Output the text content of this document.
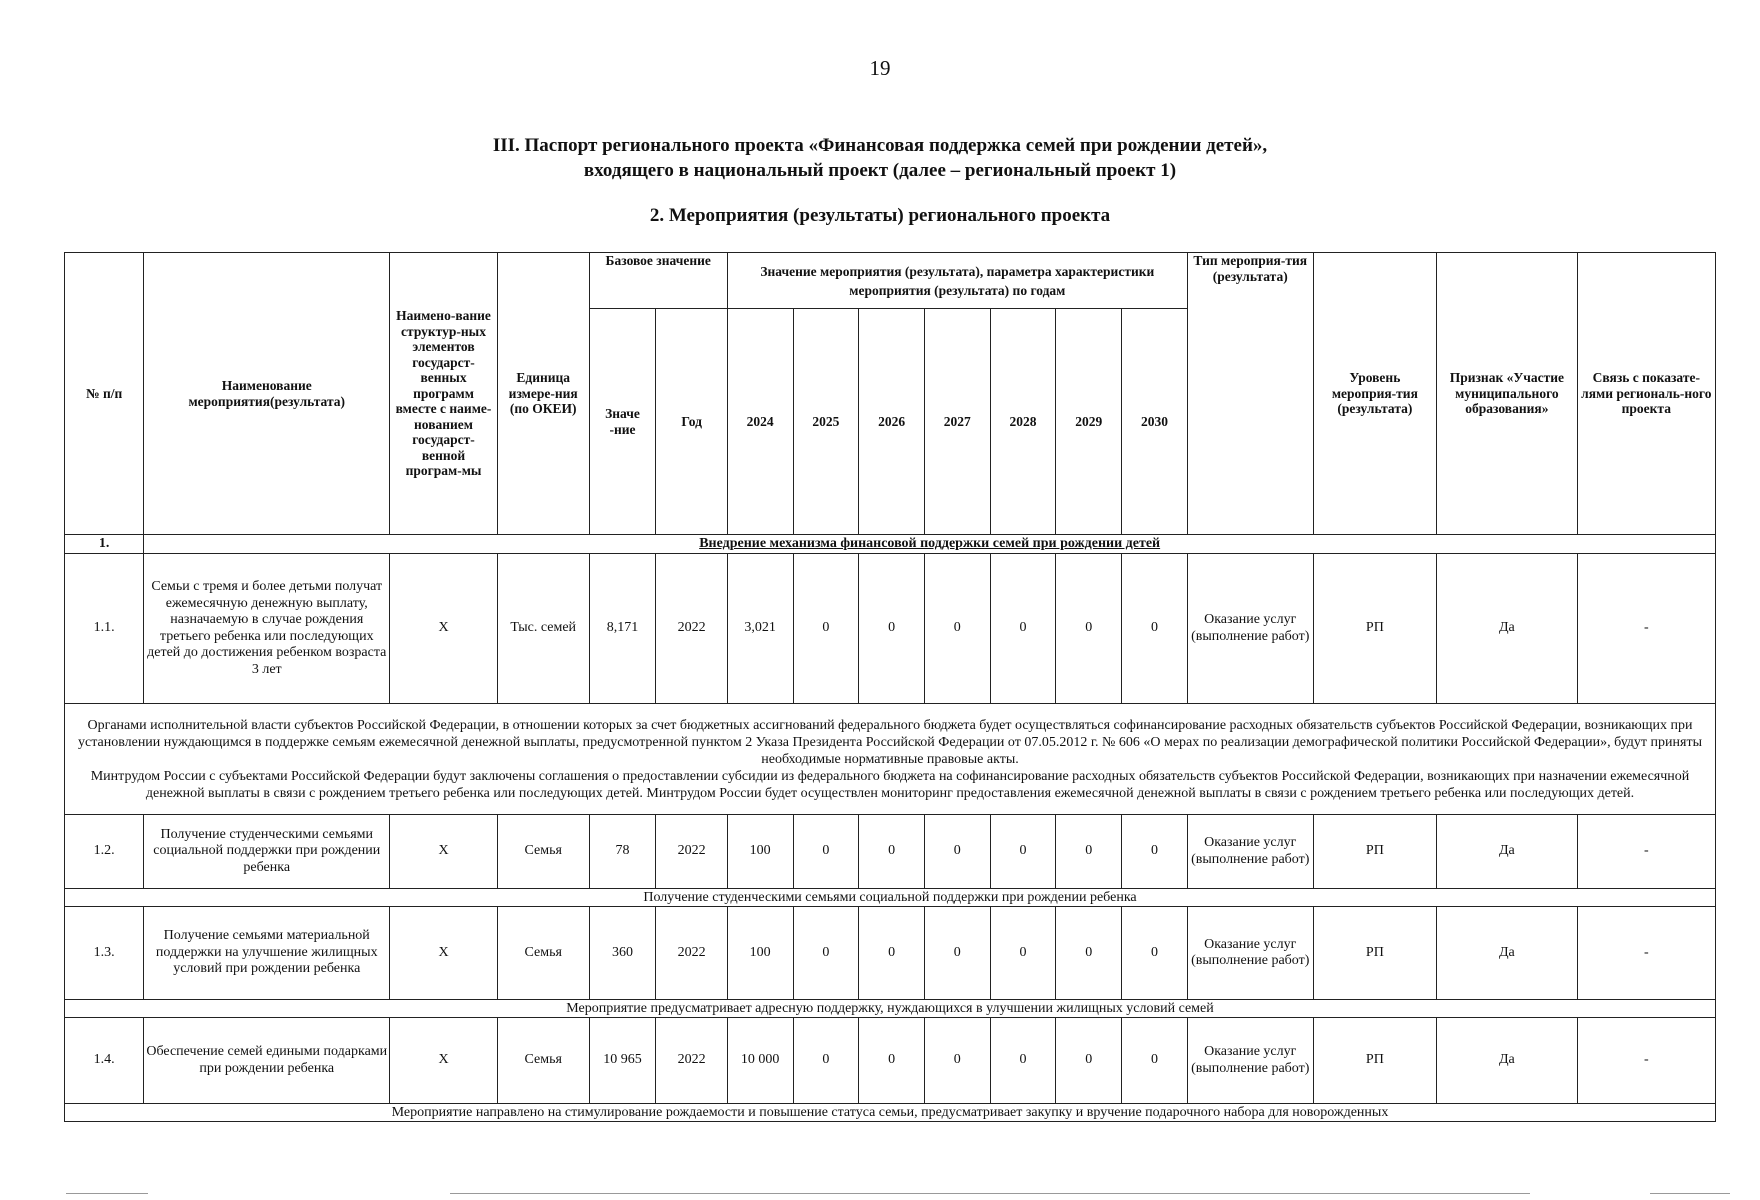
19
III. Паспорт регионального проекта «Финансовая поддержка семей при рождении детей»,
входящего в национальный проект (далее – региональный проект 1)
2. Мероприятия (результаты) регионального проекта
№ п/п	Наименование мероприятия(результата)	Наимено-вание структур-ных элементов государст-венных программ вместе с наиме-нованием государст-венной програм-мы	Единица измере-ния (по ОКЕИ)	Базовое значение		Значение мероприятия (результата), параметра характеристики мероприятия (результата) по годам							Тип мероприя-тия (результата)	Уровень мероприя-тия (результата)	Признак «Участие муниципального образования»	Связь с показате-лями региональ-ного проекта
				Значе -ние	Год	2024	2025	2026	2027	2028	2029	2030				
1.	Внедрение механизма финансовой поддержки семей при рождении детей															
1.1.	Семьи с тремя и более детьми получат ежемесячную денежную выплату, назначаемую в случае рождения третьего ребенка или последующих детей до достижения ребенком возраста 3 лет	X	Тыс. семей	8,171	2022	3,021	0	0	0	0	0	0	Оказание услуг (выполнение работ)	РП	Да	-

Органами исполнительной власти субъектов Российской Федерации, в отношении которых за счет бюджетных ассигнований федерального бюджета будет осуществляться софинансирование расходных обязательств субъектов Российской Федерации, возникающих при установлении нуждающимся в поддержке семьям ежемесячной денежной выплаты, предусмотренной пунктом 2 Указа Президента Российской Федерации от 07.05.2012 г. № 606 «О мерах по реализации демографической политики Российской Федерации», будут приняты необходимые нормативные правовые акты.
Минтрудом России с субъектами Российской Федерации будут заключены соглашения о предоставлении субсидии из федерального бюджета на софинансирование расходных обязательств субъектов Российской Федерации, возникающих при назначении ежемесячной денежной выплаты в связи с рождением третьего ребенка или последующих детей. Минтрудом России будет осуществлен мониторинг предоставления ежемесячной денежной выплаты в связи с рождением третьего ребенка или последующих детей.																

1.2.	Получение студенческими семьями социальной поддержки при рождении ребенка	X	Семья	78	2022	100	0	0	0	0	0	0	Оказание услуг (выполнение работ)	РП	Да	-
Получение студенческими семьями социальной поддержки при рождении ребенка																
1.3.	Получение семьями материальной поддержки на улучшение жилищных условий при рождении ребенка	X	Семья	360	2022	100	0	0	0	0	0	0	Оказание услуг (выполнение работ)	РП	Да	-
Мероприятие предусматривает адресную поддержку, нуждающихся в улучшении жилищных условий семей																
1.4.	Обеспечение семей едиными подарками при рождении ребенка	X	Семья	10 965	2022	10 000	0	0	0	0	0	0	Оказание услуг (выполнение работ)	РП	Да	-
Мероприятие направлено на стимулирование рождаемости и повышение статуса семьи, предусматривает закупку и вручение подарочного набора для новорожденных																
